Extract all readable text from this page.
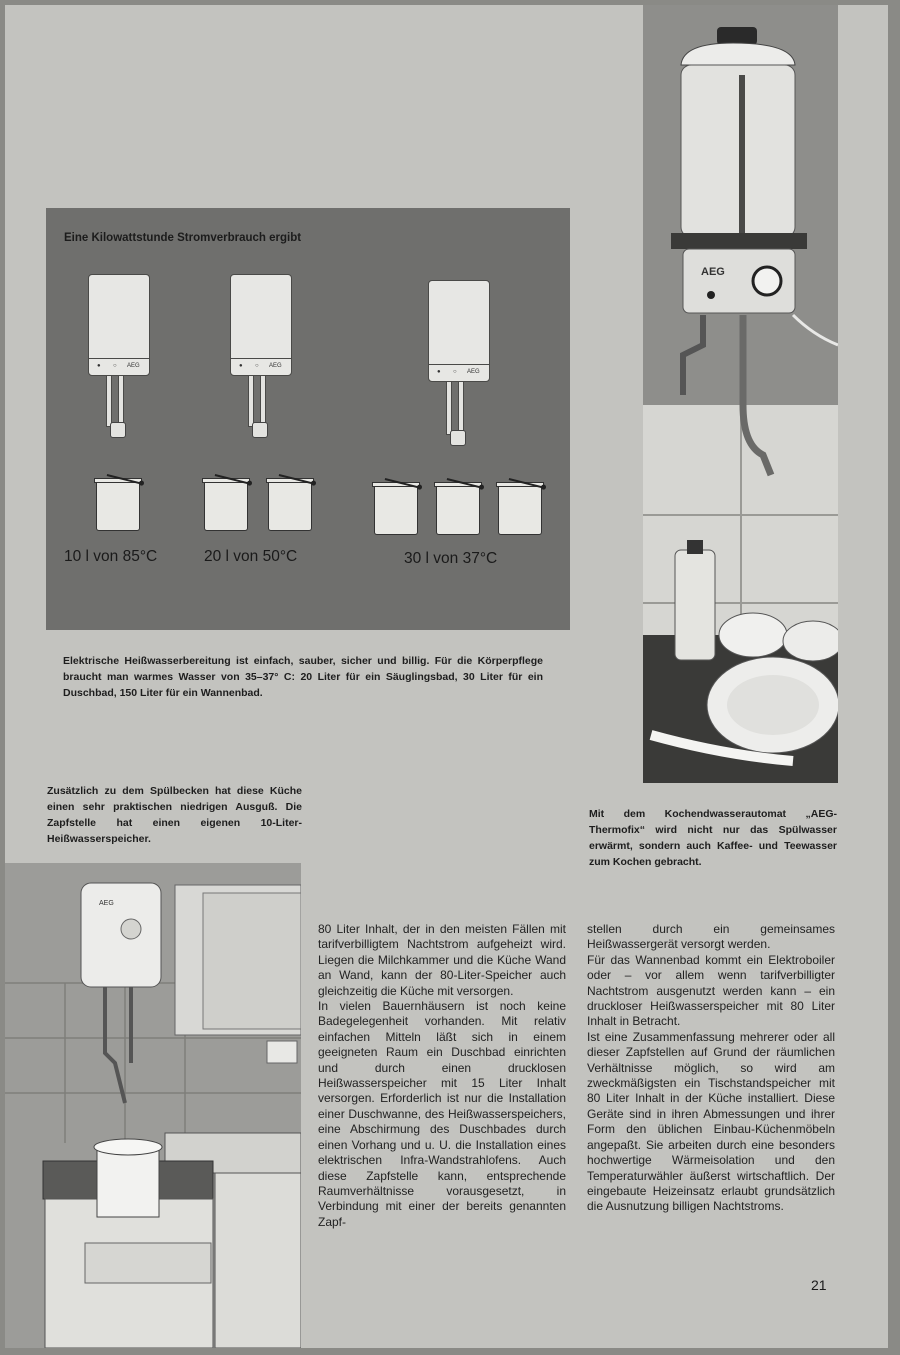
Eine Kilowattstunde Stromverbrauch ergibt
● ○ AEG
10 l von 85°C
● ○ AEG
20 l von 50°C
● ○ AEG
30 l von 37°C
Elektrische Heißwasserbereitung ist einfach, sauber, sicher und billig. Für die Körperpflege braucht man warmes Wasser von 35–37° C: 20 Liter für ein Säuglingsbad, 30 Liter für ein Duschbad, 150 Liter für ein Wannenbad.
AEG
Zusätzlich zu dem Spülbecken hat diese Küche einen sehr praktischen niedrigen Ausguß. Die Zapfstelle hat einen eigenen 10-Liter-Heißwasserspeicher.
Mit dem Kochendwasserautomat „AEG-Thermofix“ wird nicht nur das Spülwasser erwärmt, sondern auch Kaffee- und Teewasser zum Kochen gebracht.
AEG

80 Liter Inhalt, der in den meisten Fällen mit tarifverbilligtem Nachtstrom aufgeheizt wird. Liegen die Milchkammer und die Küche Wand an Wand, kann der 80-Liter-Speicher auch gleichzeitig die Küche mit versorgen.

In vielen Bauernhäusern ist noch keine Badegelegenheit vorhanden. Mit relativ einfachen Mitteln läßt sich in einem geeigneten Raum ein Duschbad einrichten und durch einen drucklosen Heißwasserspeicher mit 15 Liter Inhalt versorgen. Erforderlich ist nur die Installation einer Duschwanne, des Heißwasserspeichers, eine Abschirmung des Duschbades durch einen Vorhang und u. U. die Installation eines elektrischen Infra-Wandstrahlofens. Auch diese Zapfstelle kann, entsprechende Raumverhältnisse vorausgesetzt, in Verbindung mit einer der bereits genannten Zapf-

stellen durch ein gemeinsames Heißwassergerät versorgt werden.

Für das Wannenbad kommt ein Elektroboiler oder – vor allem wenn tarifverbilligter Nachtstrom ausgenutzt werden kann – ein druckloser Heißwasserspeicher mit 80 Liter Inhalt in Betracht.

Ist eine Zusammenfassung mehrerer oder all dieser Zapfstellen auf Grund der räumlichen Verhältnisse möglich, so wird am zweckmäßigsten ein Tischstandspeicher mit 80 Liter Inhalt in der Küche installiert. Diese Geräte sind in ihren Abmessungen und ihrer Form den üblichen Einbau-Küchenmöbeln angepaßt. Sie arbeiten durch eine besonders hochwertige Wärmeisolation und den Temperaturwähler äußerst wirtschaftlich. Der eingebaute Heizeinsatz erlaubt grundsätzlich die Ausnutzung billigen Nachtstroms.

21
